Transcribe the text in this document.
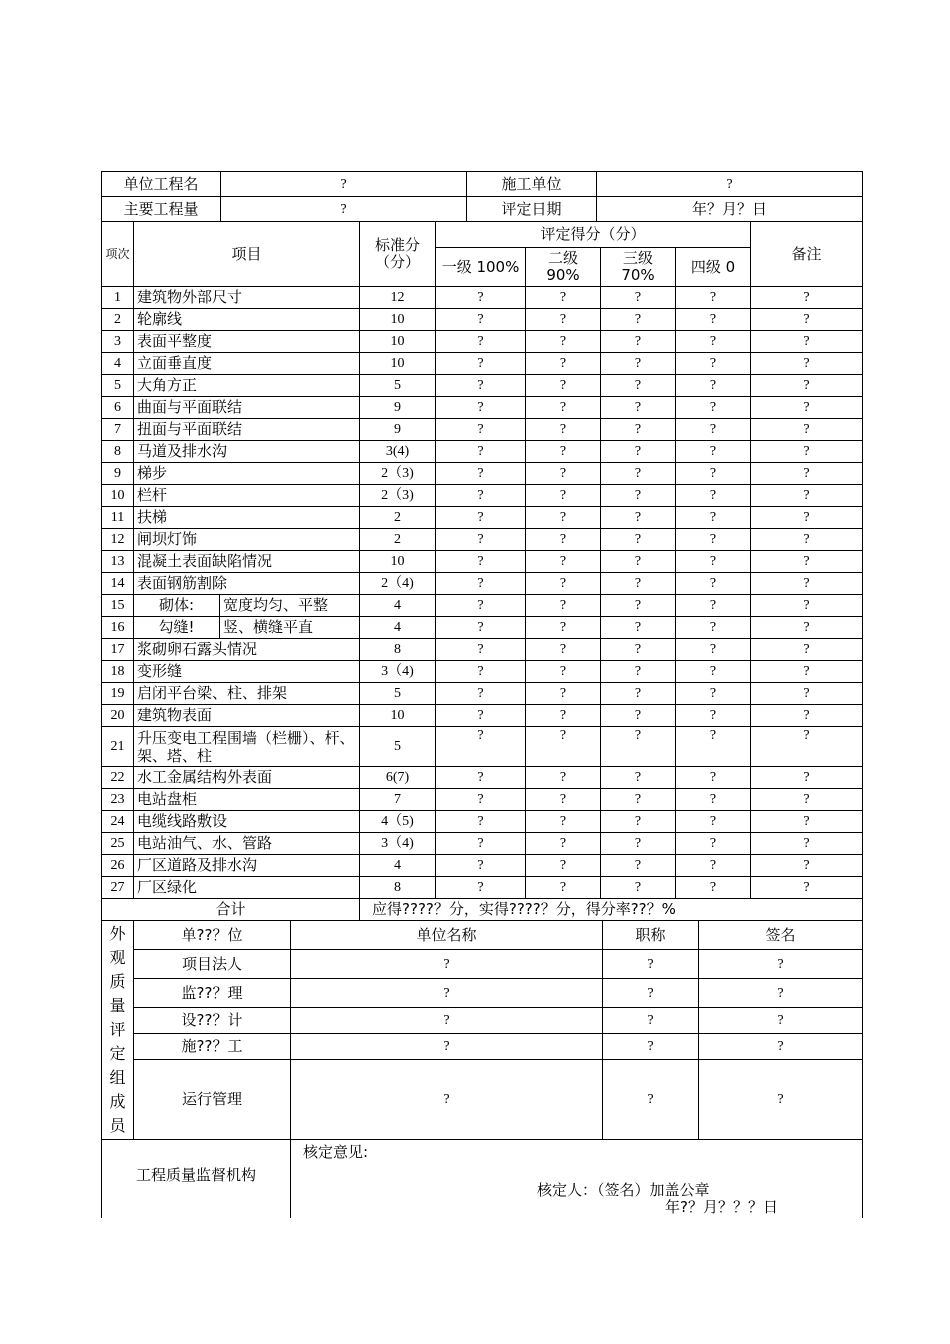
单位工程名	?	施工单位	?
主要工程量	?	评定日期	年？月？日
项次	项目		标准分（分）	评定得分（分）				备注
				一级 100%	二级 90%	三级 70%	四级 0	
1	建筑物外部尺寸		12	?	?	?	?	?
2	轮廓线		10	?	?	?	?	?
3	表面平整度		10	?	?	?	?	?
4	立面垂直度		10	?	?	?	?	?
5	大角方正		5	?	?	?	?	?
6	曲面与平面联结		9	?	?	?	?	?
7	扭面与平面联结		9	?	?	?	?	?
8	马道及排水沟		3(4)	?	?	?	?	?
9	梯步		2（3)	?	?	?	?	?
10	栏杆		2（3)	?	?	?	?	?
11	扶梯		2	?	?	?	?	?
12	闸坝灯饰		2	?	?	?	?	?
13	混凝土表面缺陷情况		10	?	?	?	?	?
14	表面钢筋割除		2（4)	?	?	?	?	?
15	砌体:	宽度均匀、平整	4	?	?	?	?	?
16	勾缝!	竖、横缝平直	4	?	?	?	?	?
17	浆砌卵石露头情况		8	?	?	?	?	?
18	变形缝		3（4)	?	?	?	?	?
19	启闭平台梁、柱、排架		5	?	?	?	?	?
20	建筑物表面		10	?	?	?	?	?
21	升压变电工程围墙（栏栅）、杆、架、塔、柱		5	?	?	?	?	?
22	水工金属结构外表面		6(7)	?	?	?	?	?
23	电站盘柜		7	?	?	?	?	?
24	电缆线路敷设		4（5)	?	?	?	?	?
25	电站油气、水、管路		3（4)	?	?	?	?	?
26	厂区道路及排水沟		4	?	?	?	?	?
27	厂区绿化		8	?	?	?	?	?
合计			应得????？分，实得????？分，得分率??？%					
外观质量评定组成员	单??？位	单位名称	职称	签名
	项目法人	?	?	?
	监??？理	?	?	?
	设??？计	?	?	?
	施??？工	?	?	?
	运行管理	?	?	?
工程质量监督机构	
核定意见:
核定人：（签名）加盖公章
年?？月？？？日
